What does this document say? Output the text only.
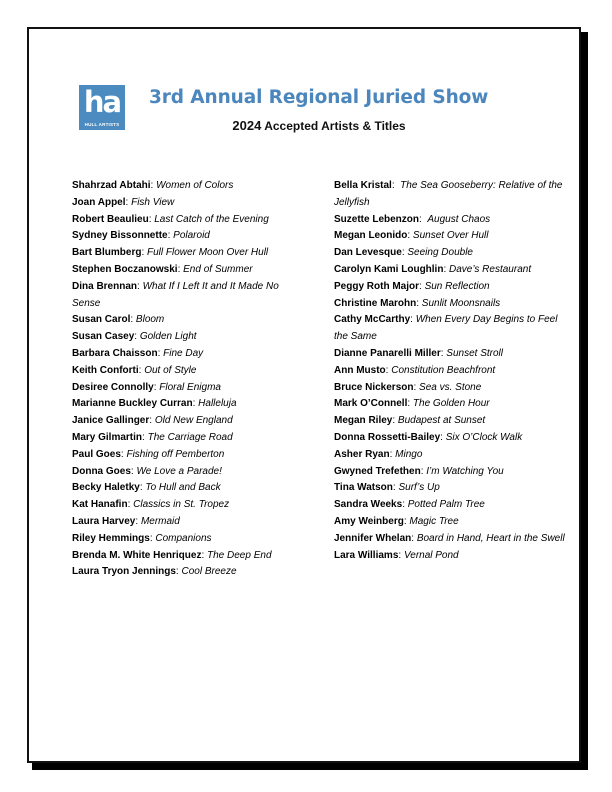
ha
HULL ARTISTS
3rd Annual Regional Juried Show
2024 Accepted Artists & Titles
Shahrzad Abtahi: Women of Colors
Joan Appel: Fish View
Robert Beaulieu: Last Catch of the Evening
Sydney Bissonnette: Polaroid
Bart Blumberg: Full Flower Moon Over Hull
Stephen Boczanowski: End of Summer
Dina Brennan: What If I Left It and It Made No Sense
Susan Carol: Bloom
Susan Casey: Golden Light
Barbara Chaisson: Fine Day
Keith Conforti: Out of Style
Desiree Connolly: Floral Enigma
Marianne Buckley Curran: Halleluja
Janice Gallinger: Old New England
Mary Gilmartin: The Carriage Road
Paul Goes: Fishing off Pemberton
Donna Goes: We Love a Parade!
Becky Haletky: To Hull and Back
Kat Hanafin: Classics in St. Tropez
Laura Harvey: Mermaid
Riley Hemmings: Companions
Brenda M. White Henriquez: The Deep End
Laura Tryon Jennings: Cool Breeze
Bella Kristal:  The Sea Gooseberry: Relative of the Jellyfish
Suzette Lebenzon:  August Chaos
Megan Leonido: Sunset Over Hull
Dan Levesque: Seeing Double
Carolyn Kami Loughlin: Dave’s Restaurant
Peggy Roth Major: Sun Reflection
Christine Marohn: Sunlit Moonsnails
Cathy McCarthy: When Every Day Begins to Feel the Same
Dianne Panarelli Miller: Sunset Stroll
Ann Musto: Constitution Beachfront
Bruce Nickerson: Sea vs. Stone
Mark O’Connell: The Golden Hour
Megan Riley: Budapest at Sunset
Donna Rossetti-Bailey: Six O’Clock Walk
Asher Ryan: Mingo
Gwyned Trefethen: I’m Watching You
Tina Watson: Surf’s Up
Sandra Weeks: Potted Palm Tree
Amy Weinberg: Magic Tree
Jennifer Whelan: Board in Hand, Heart in the Swell
Lara Williams: Vernal Pond
